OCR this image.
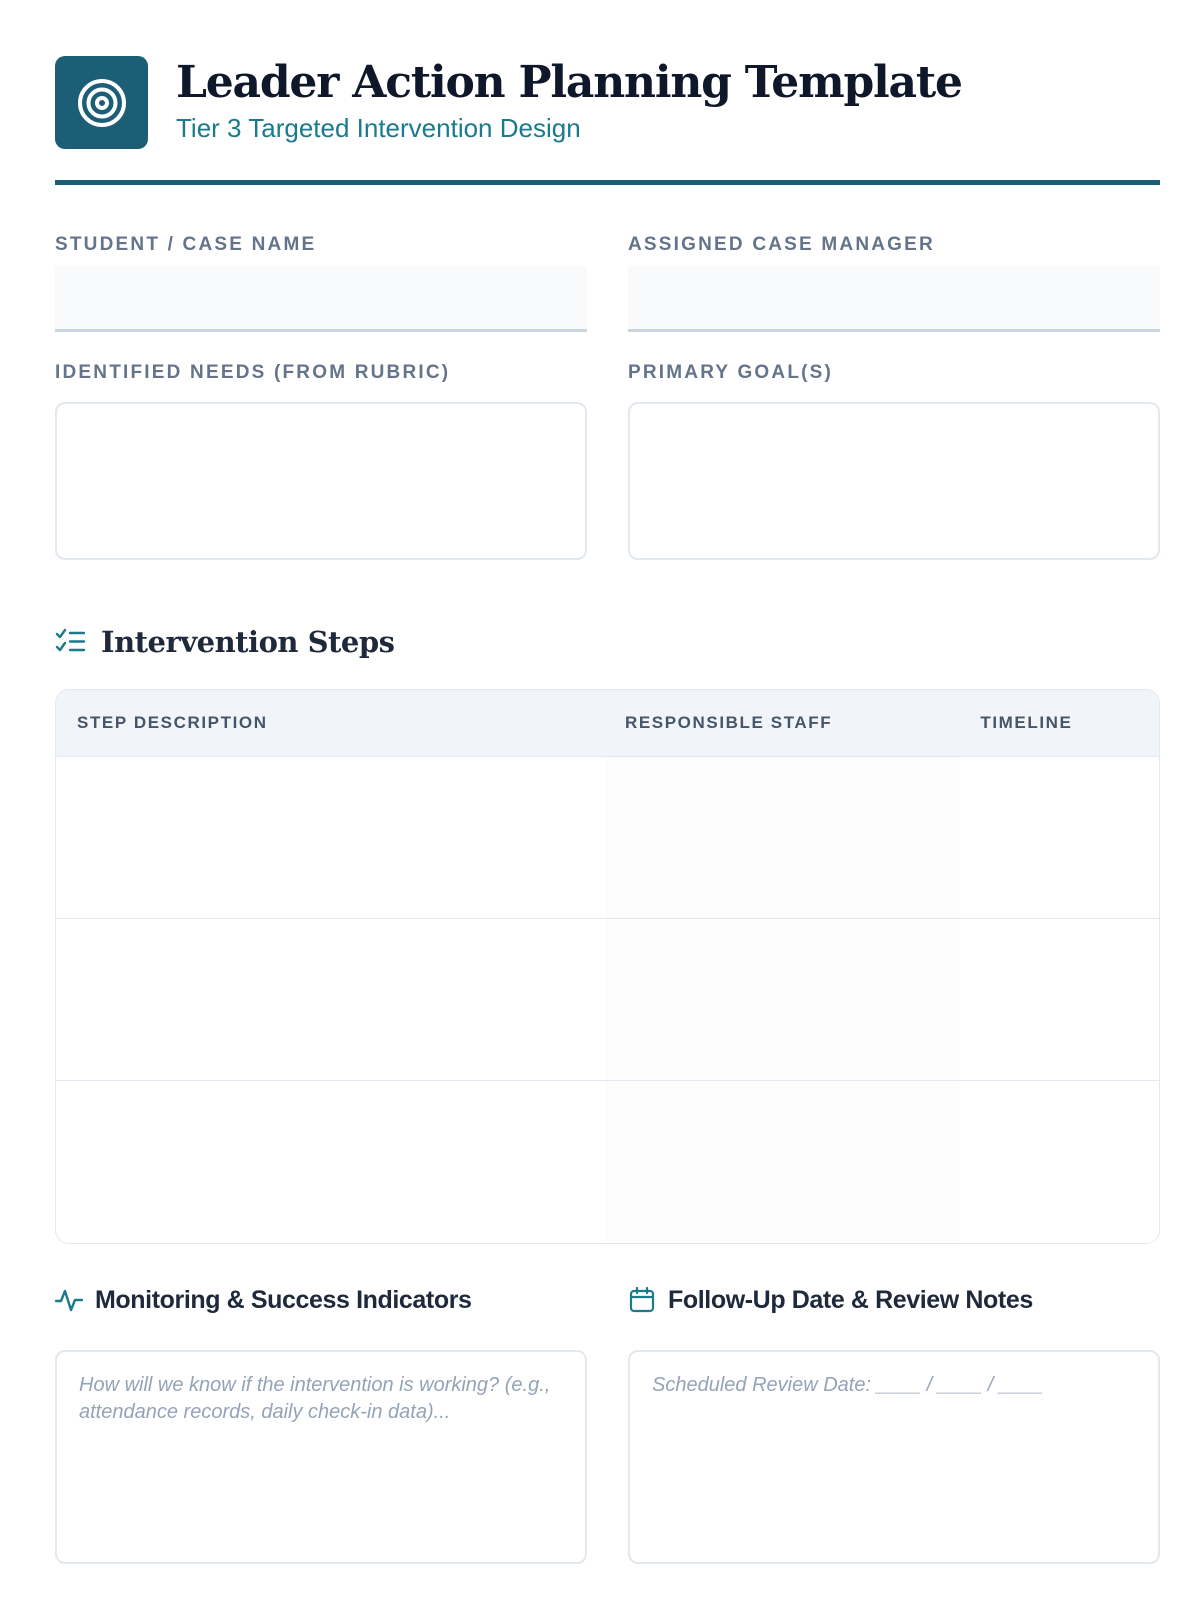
Leader Action Planning Template
Tier 3 Targeted Intervention Design
STUDENT / CASE NAME	ASSIGNED CASE MANAGER
IDENTIFIED NEEDS (FROM RUBRIC)	PRIMARY GOAL(S)
Intervention Steps
STEP DESCRIPTION	RESPONSIBLE STAFF	TIMELINE
Monitoring & Success Indicators
How will we know if the intervention is working? (e.g., attendance records, daily check-in data)...
Follow-Up Date & Review Notes
Scheduled Review Date: ____ / ____ / ____
